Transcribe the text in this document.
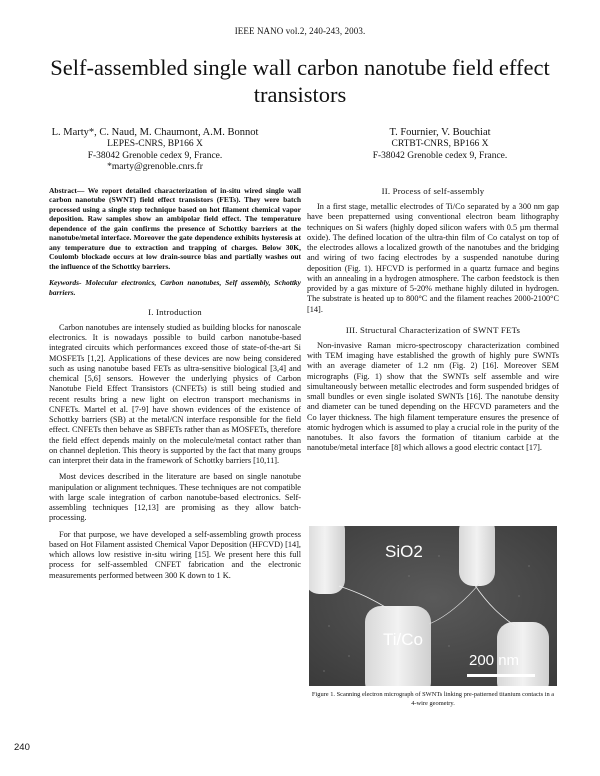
IEEE NANO vol.2, 240-243, 2003.
Self-assembled single wall carbon nanotube field effect transistors
L. Marty*, C. Naud, M. Chaumont, A.M. Bonnot
LEPES-CNRS, BP166 X
F-38042 Grenoble cedex 9, France.
*marty@grenoble.cnrs.fr
T. Fournier, V. Bouchiat
CRTBT-CNRS, BP166 X
F-38042 Grenoble cedex 9, France.
Abstract— We report detailed characterization of in-situ wired single wall carbon nanotube (SWNT) field effect transistors (FETs). They were batch processed using a single step technique based on hot filament chemical vapor deposition. Raw samples show an ambipolar field effect. The temperature dependence of the gain confirms the presence of Schottky barriers at the nanotube/metal interface. Moreover the gate dependence exhibits hysteresis at any temperature due to extraction and trapping of charges. Below 30K, Coulomb blockade occurs at low drain-source bias and partially washes out the influence of the Schottky barriers.
Keywords- Molecular electronics, Carbon nanotubes, Self assembly, Schottky barriers.
I. Introduction

Carbon nanotubes are intensely studied as building blocks for nanoscale electronics. It is nowadays possible to build carbon nanotube-based integrated circuits which performances exceed those of state-of-the-art Si MOSFETs [1,2]. Applications of these devices are now being considered such as using nanotube based FETs as ultra-sensitive biological [3,4] and chemical [5,6] sensors. However the underlying physics of Carbon Nanotube Field Effect Transistors (CNFETs) is still being studied and recent results bring a new light on electron transport mechanisms in CNFETs. Martel et al. [7-9] have shown evidences of the existence of Schottky barriers (SB) at the metal/CN interface responsible for the field effect. CNFETs then behave as SBFETs rather than as MOSFETs, therefore the field effect depends mainly on the molecule/metal contact rather than on channel depletion. This theory is supported by the fact that many groups can interpret their data in the framework of Schottky barriers [10,11].

Most devices described in the literature are based on single nanotube manipulation or alignment techniques. These techniques are not compatible with large scale integration of carbon nanotube-based electronics. Self-assembling techniques [12,13] are promising as they allow batch-processing.

For that purpose, we have developed a self-assembling growth process based on Hot Filament assisted Chemical Vapor Deposition (HFCVD) [14], which allows low resistive in-situ wiring [15]. We present here this full process for self-assembled CNFET fabrication and the electronic measurements performed between 300 K down to 1 K.

II. Process of self-assembly

In a first stage, metallic electrodes of Ti/Co separated by a 300 nm gap have been prepatterned using conventional electron beam lithography techniques on Si wafers (highly doped silicon wafers with 0.5 µm thermal oxide). The defined location of the ultra-thin film of Co catalyst on top of the electrodes allows a localized growth of the nanotubes and the bridging and wiring of two facing electrodes by a suspended nanotube during deposition (Fig. 1). HFCVD is performed in a quartz furnace and begins with an annealing in a hydrogen atmosphere. The carbon feedstock is then provided by a gas mixture of 5-20% methane highly diluted in hydrogen. The substrate is heated up to 800°C and the filament reaches 2000-2100°C [14].

III. Structural Characterization of SWNT FETs

Non-invasive Raman micro-spectroscopy characterization combined with TEM imaging have established the growth of highly pure SWNTs with an average diameter of 1.2 nm (Fig. 2) [16]. Moreover SEM micrographs (Fig. 1) show that the SWNTs self assemble and wire simultaneously between metallic electrodes and form suspended bridges of small bundles or even single isolated SWNTs [16]. The nanotube density and diameter can be tuned depending on the HFCVD parameters and the Co layer thickness. The high filament temperature ensures the presence of atomic hydrogen which is assumed to play a crucial role in the purity of the nanotubes. It also favors the formation of titanium carbide at the nanotube/metal interface [8] which allows a good electric contact [17].

SiO2
Ti/Co
200 nm
Figure 1. Scanning electron micrograph of SWNTs linking pre-patterned titanium contacts in a 4-wire geometry.
240
